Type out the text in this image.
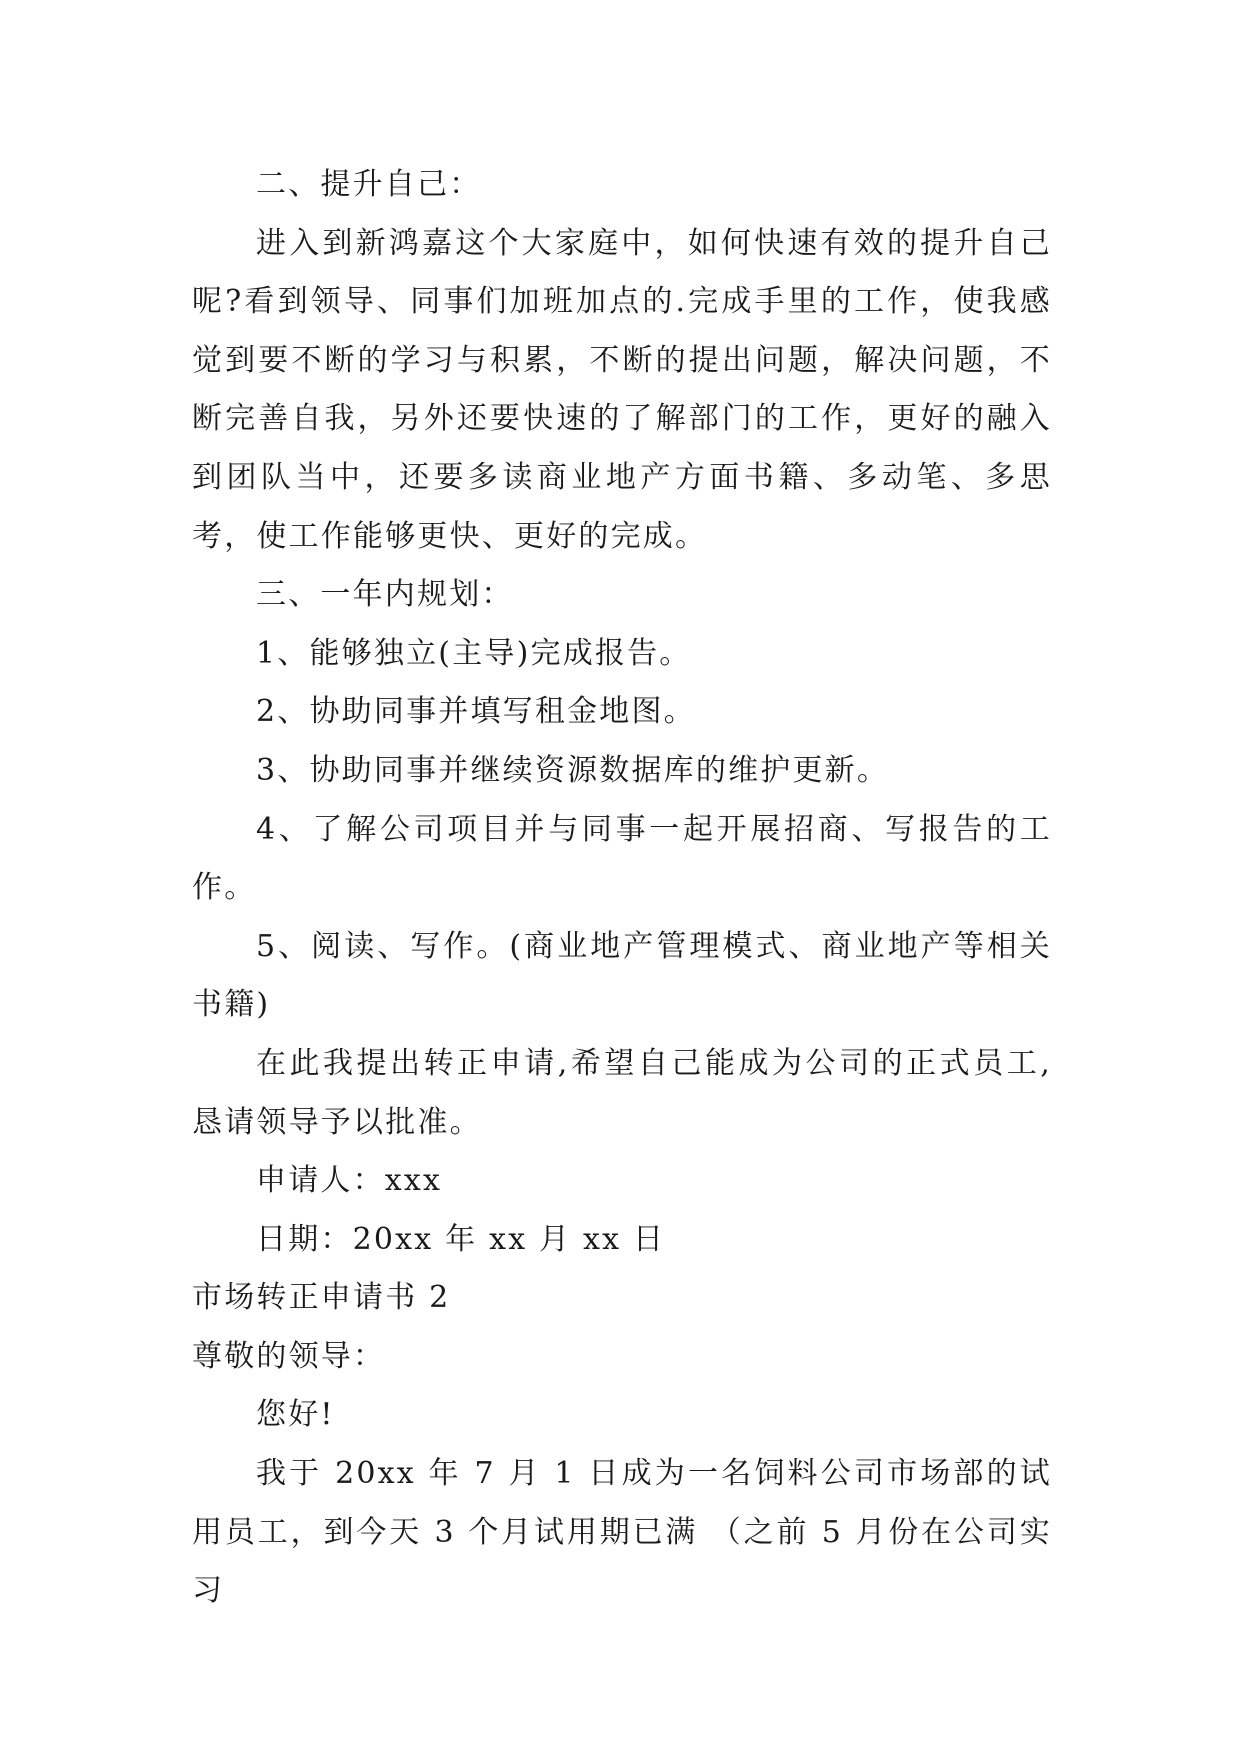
二、提升自己：

进入到新鸿嘉这个大家庭中，如何快速有效的提升自己呢?看到领导、同事们加班加点的.完成手里的工作，使我感觉到要不断的学习与积累，不断的提出问题，解决问题，不断完善自我，另外还要快速的了解部门的工作，更好的融入到团队当中，还要多读商业地产方面书籍、多动笔、多思考，使工作能够更快、更好的完成。

三、一年内规划：

1、能够独立(主导)完成报告。

2、协助同事并填写租金地图。

3、协助同事并继续资源数据库的维护更新。

4、了解公司项目并与同事一起开展招商、写报告的工作。

5、阅读、写作。(商业地产管理模式、商业地产等相关书籍)

在此我提出转正申请,希望自己能成为公司的正式员工,恳请领导予以批准。

申请人：xxx

日期：20xx 年 xx 月 xx 日

市场转正申请书 2

尊敬的领导：

您好!

我于 20xx 年 7 月 1 日成为一名饲料公司市场部的试用员工，到今天 3 个月试用期已满 （之前 5 月份在公司实习
